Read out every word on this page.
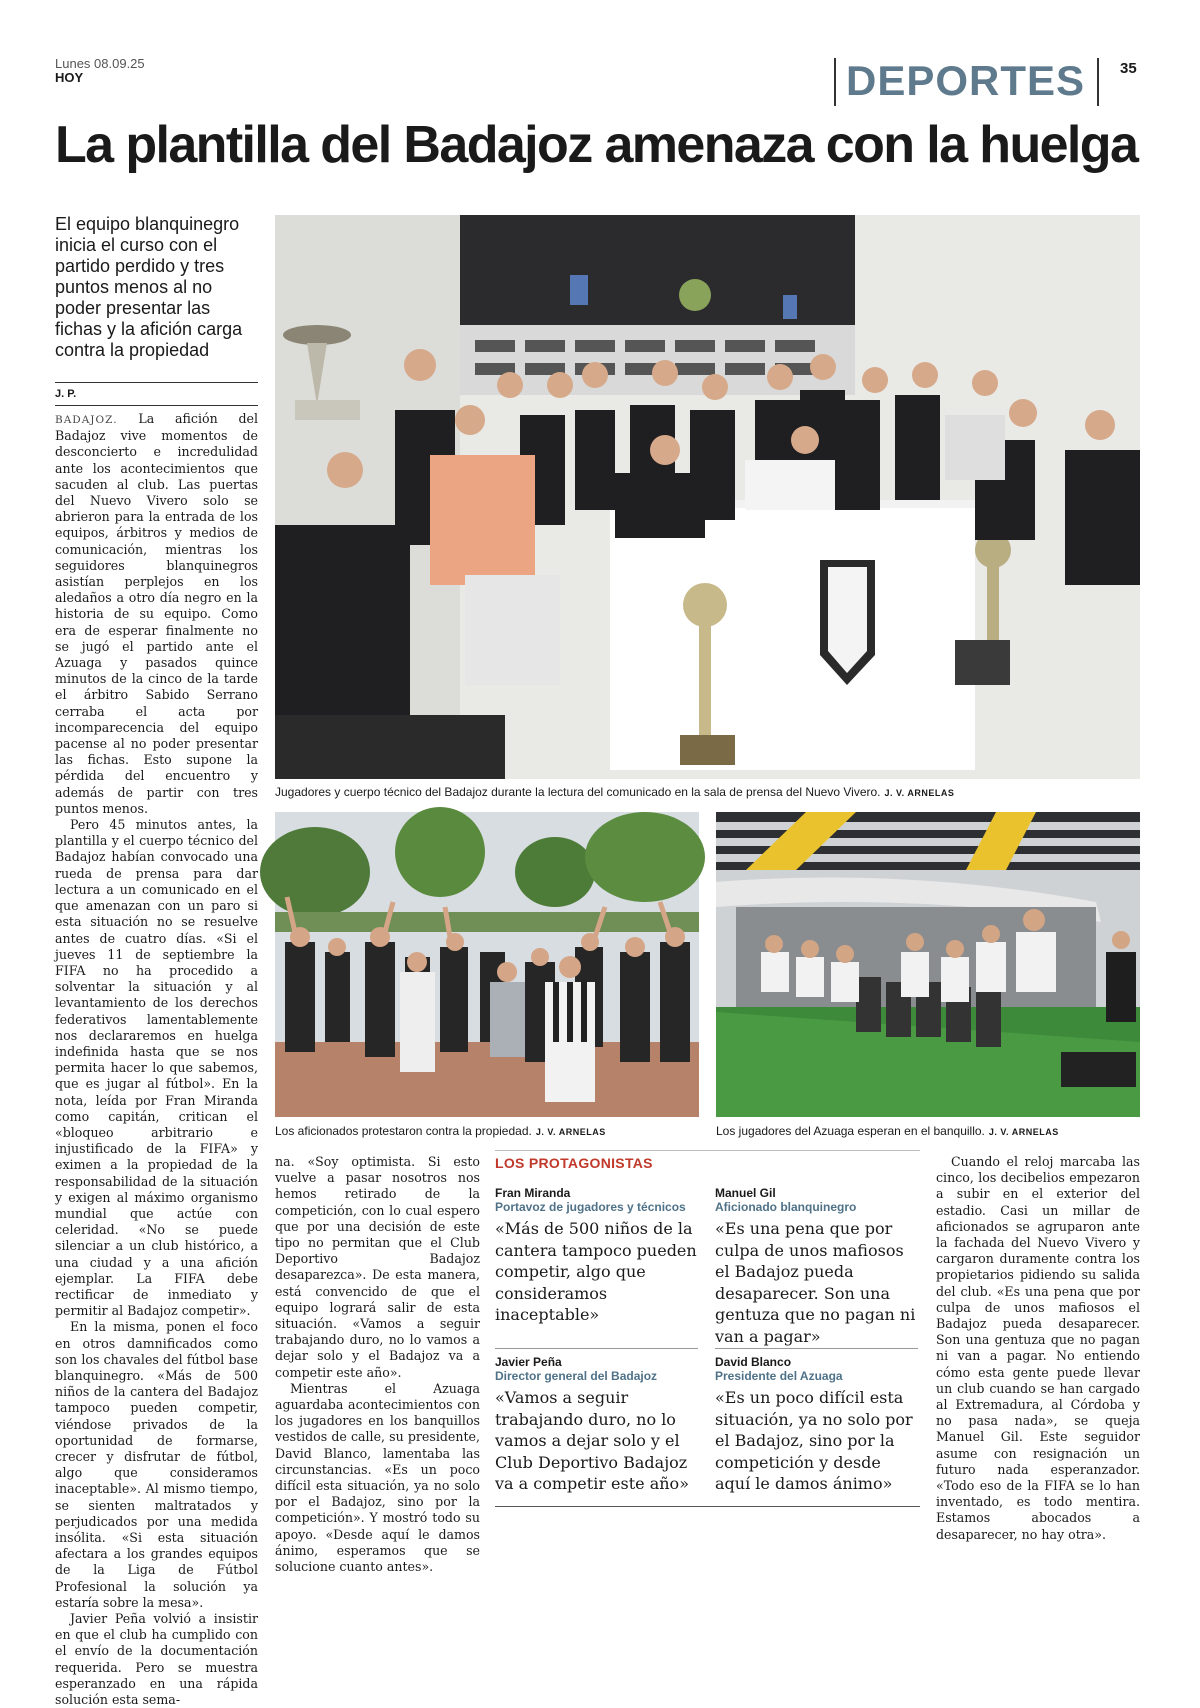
Lunes 08.09.25
HOY	DEPORTES	35
La plantilla del Badajoz amenaza con la huelga
El equipo blanquinegro inicia el curso con el partido perdido y tres puntos menos al no poder presentar las fichas y la afición carga contra la propiedad
J. P.

BADAJOZ. La afición del Badajoz vive momentos de desconcierto e incredulidad ante los acontecimientos que sacuden al club. Las puertas del Nuevo Vivero solo se abrieron para la entrada de los equipos, árbitros y medios de comunicación, mientras los seguidores blanquinegros asistían perplejos en los aledaños a otro día negro en la historia de su equipo. Como era de esperar finalmente no se jugó el partido ante el Azuaga y pasados quince minutos de la cinco de la tarde el árbitro Sabido Serrano cerraba el acta por incomparecencia del equipo pacense al no poder presentar las fichas. Esto supone la pérdida del encuentro y además de partir con tres puntos menos.

Pero 45 minutos antes, la plantilla y el cuerpo técnico del Badajoz habían convocado una rueda de prensa para dar lectura a un comunicado en el que amenazan con un paro si esta situación no se resuelve antes de cuatro días. «Si el jueves 11 de septiembre la FIFA no ha procedido a solventar la situación y al levantamiento de los derechos federativos lamentablemente nos declararemos en huelga indefinida hasta que se nos permita hacer lo que sabemos, que es jugar al fútbol». En la nota, leída por Fran Miranda como capitán, critican el «bloqueo arbitrario e injustificado de la FIFA» y eximen a la propiedad de la responsabilidad de la situación y exigen al máximo organismo mundial que actúe con celeridad. «No se puede silenciar a un club histórico, a una ciudad y a una afición ejemplar. La FIFA debe rectificar de inmediato y permitir al Badajoz competir».

En la misma, ponen el foco en otros damnificados como son los chavales del fútbol base blanquinegro. «Más de 500 niños de la cantera del Badajoz tampoco pueden competir, viéndose privados de la oportunidad de formarse, crecer y disfrutar de fútbol, algo que consideramos inaceptable». Al mismo tiempo, se sienten maltratados y perjudicados por una medida insólita. «Si esta situación afectara a los grandes equipos de la Liga de Fútbol Profesional la solución ya estaría sobre la mesa».

Javier Peña volvió a insistir en que el club ha cumplido con el envío de la documentación requerida. Pero se muestra esperanzado en una rápida solución esta sema-

na. «Soy optimista. Si esto vuelve a pasar nosotros nos hemos retirado de la competición, con lo cual espero que por una decisión de este tipo no permitan que el Club Deportivo Badajoz desaparezca». De esta manera, está convencido de que el equipo logrará salir de esta situación. «Vamos a seguir trabajando duro, no lo vamos a dejar solo y el Badajoz va a competir este año».

Mientras el Azuaga aguardaba acontecimientos con los jugadores en los banquillos vestidos de calle, su presidente, David Blanco, lamentaba las circunstancias. «Es un poco difícil esta situación, ya no solo por el Badajoz, sino por la competición». Y mostró todo su apoyo. «Desde aquí le damos ánimo, esperamos que se solucione cuanto antes».

Cuando el reloj marcaba las cinco, los decibelios empezaron a subir en el exterior del estadio. Casi un millar de aficionados se agruparon ante la fachada del Nuevo Vivero y cargaron duramente contra los propietarios pidiendo su salida del club. «Es una pena que por culpa de unos mafiosos el Badajoz pueda desaparecer. Son una gentuza que no pagan ni van a pagar. No entiendo cómo esta gente puede llevar un club cuando se han cargado al Extremadura, al Córdoba y no pasa nada», se queja Manuel Gil. Este seguidor asume con resignación un futuro nada esperanzador. «Todo eso de la FIFA se lo han inventado, es todo mentira. Estamos abocados a desaparecer, no hay otra».

Jugadores y cuerpo técnico del Badajoz durante la lectura del comunicado en la sala de prensa del Nuevo Vivero. J. V. ARNELAS
Los aficionados protestaron contra la propiedad. J. V. ARNELAS	Los jugadores del Azuaga esperan en el banquillo. J. V. ARNELAS
LOS PROTAGONISTAS
Fran Miranda
Portavoz de jugadores y técnicos
«Más de 500 niños de la cantera tampoco pueden competir, algo que consideramos inaceptable»
Manuel Gil
Aficionado blanquinegro
«Es una pena que por culpa de unos mafiosos el Badajoz pueda desaparecer. Son una gentuza que no pagan ni van a pagar»
Javier Peña
Director general del Badajoz
«Vamos a seguir trabajando duro, no lo vamos a dejar solo y el Club Deportivo Badajoz va a competir este año»
David Blanco
Presidente del Azuaga
«Es un poco difícil esta situación, ya no solo por el Badajoz, sino por la competición y desde aquí le damos ánimo»
